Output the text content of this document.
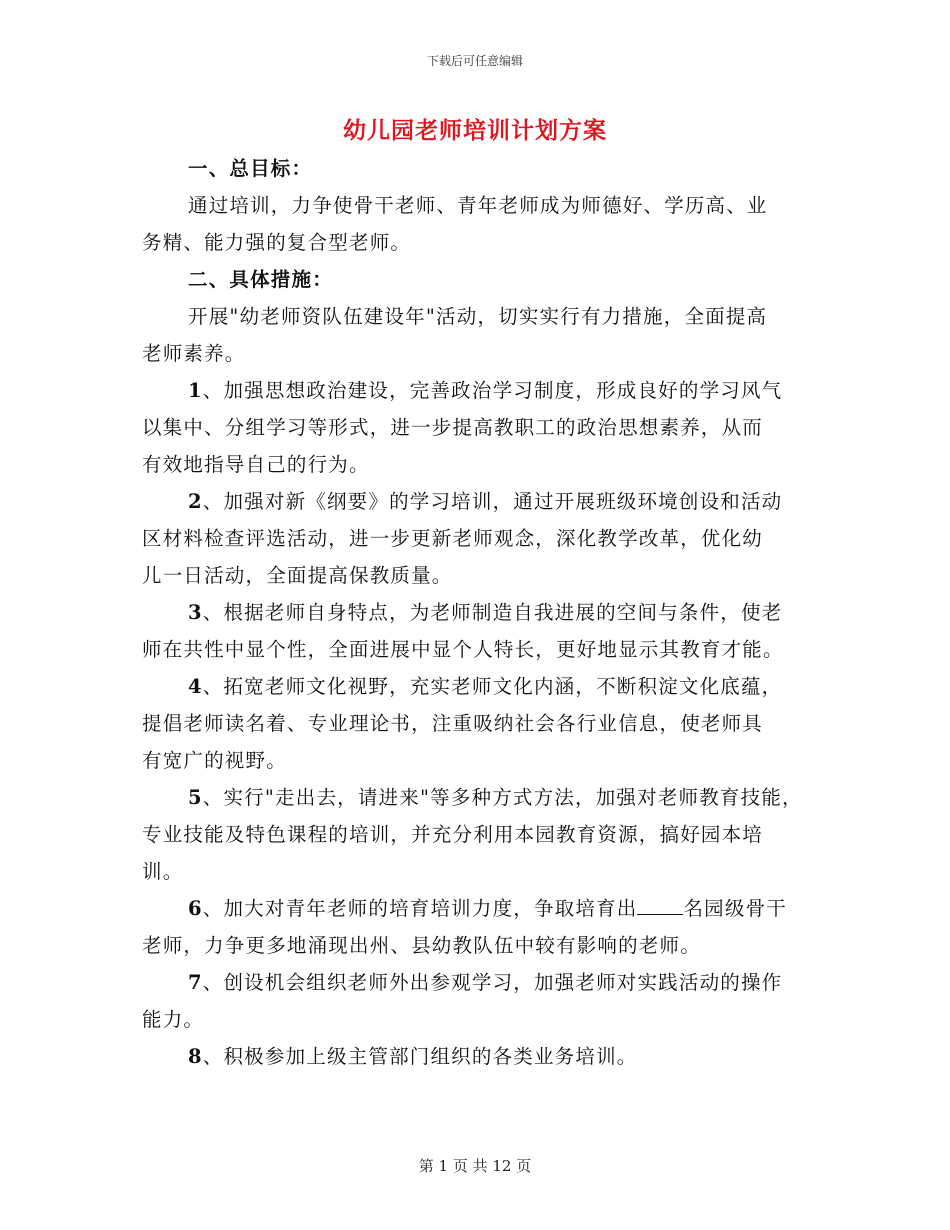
下载后可任意编辑
幼儿园老师培训计划方案
一、总目标：
通过培训，力争使骨干老师、青年老师成为师德好、学历高、业
务精、能力强的复合型老师。
二、具体措施：
开展"幼老师资队伍建设年"活动，切实实行有力措施，全面提高
老师素养。
1、加强思想政治建设，完善政治学习制度，形成良好的学习风气
以集中、分组学习等形式，进一步提高教职工的政治思想素养，从而
有效地指导自己的行为。
2、加强对新《纲要》的学习培训，通过开展班级环境创设和活动
区材料检查评选活动，进一步更新老师观念，深化教学改革，优化幼
儿一日活动，全面提高保教质量。
3、根据老师自身特点，为老师制造自我进展的空间与条件，使老
师在共性中显个性，全面进展中显个人特长，更好地显示其教育才能。
4、拓宽老师文化视野，充实老师文化内涵，不断积淀文化底蕴，
提倡老师读名着、专业理论书，注重吸纳社会各行业信息，使老师具
有宽广的视野。
5、实行"走出去，请进来"等多种方式方法，加强对老师教育技能，
专业技能及特色课程的培训，并充分利用本园教育资源，搞好园本培
训。
6、加大对青年老师的培育培训力度，争取培育出 名园级骨干
老师，力争更多地涌现出州、县幼教队伍中较有影响的老师。
7、创设机会组织老师外出参观学习，加强老师对实践活动的操作
能力。
8、积极参加上级主管部门组织的各类业务培训。
第 1 页 共 12 页
